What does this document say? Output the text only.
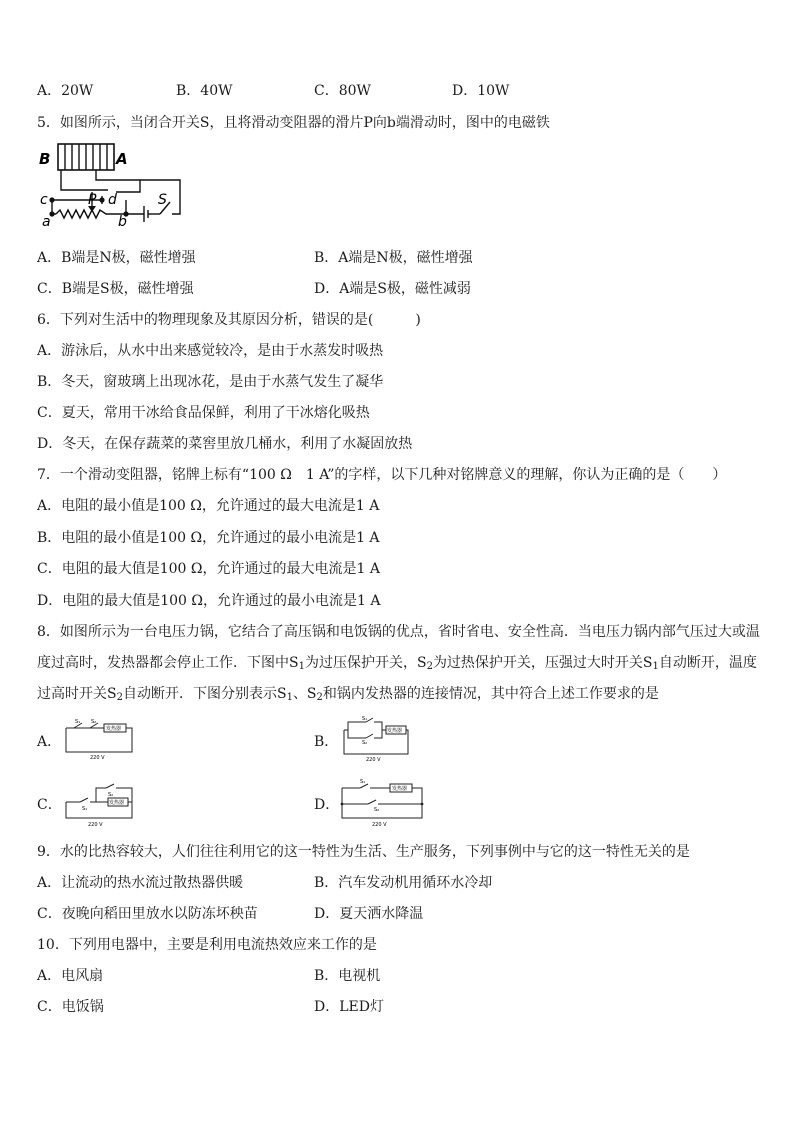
A．20W	B．40W	C．80W	D．10W
5．如图所示，当闭合开关S，且将滑动变阻器的滑片P向b端滑动时，图中的电磁铁
B	A
c	d
a
P
b
S
A．B端是N极，磁性增强	B．A端是N极，磁性增强
C．B端是S极，磁性增强	D．A端是S极，磁性减弱
6．下列对生活中的物理现象及其原因分析，错误的是(　　　)
A．游泳后，从水中出来感觉较冷，是由于水蒸发时吸热
B．冬天，窗玻璃上出现冰花，是由于水蒸气发生了凝华
C．夏天，常用干冰给食品保鲜，利用了干冰熔化吸热
D．冬天，在保存蔬菜的菜窖里放几桶水，利用了水凝固放热
7．一个滑动变阻器，铭牌上标有“100 Ω　1 A”的字样，以下几种对铭牌意义的理解，你认为正确的是（　　）
A．电阻的最小值是100 Ω，允许通过的最大电流是1 A
B．电阻的最小值是100 Ω，允许通过的最小电流是1 A
C．电阻的最大值是100 Ω，允许通过的最大电流是1 A
D．电阻的最大值是100 Ω，允许通过的最小电流是1 A
8．如图所示为一台电压力锅，它结合了高压锅和电饭锅的优点，省时省电、安全性高．当电压力锅内部气压过大或温
度过高时，发热器都会停止工作．下图中$S_1$为过压保护开关，$S_2$为过热保护开关，压强过大时开关$S_1$自动断开，温度
过高时开关$S_2$自动断开．下图分别表示$S_1$、$S_2$和锅内发热器的连接情况，其中符合上述工作要求的是
A．
S₁ S₂
发热器
220 V
B．
S₁
S₂
发热器
220 V
C．	S₁
S₂
发热器
220 V
D．
S₁
S₂
发热器
220 V
9．水的比热容较大，人们往往利用它的这一特性为生活、生产服务，下列事例中与它的这一特性无关的是
A．让流动的热水流过散热器供暖	B．汽车发动机用循环水冷却
C．夜晚向稻田里放水以防冻坏秧苗	D．夏天洒水降温
10．下列用电器中，主要是利用电流热效应来工作的是
A．电风扇	B．电视机
C．电饭锅	D．LED灯
